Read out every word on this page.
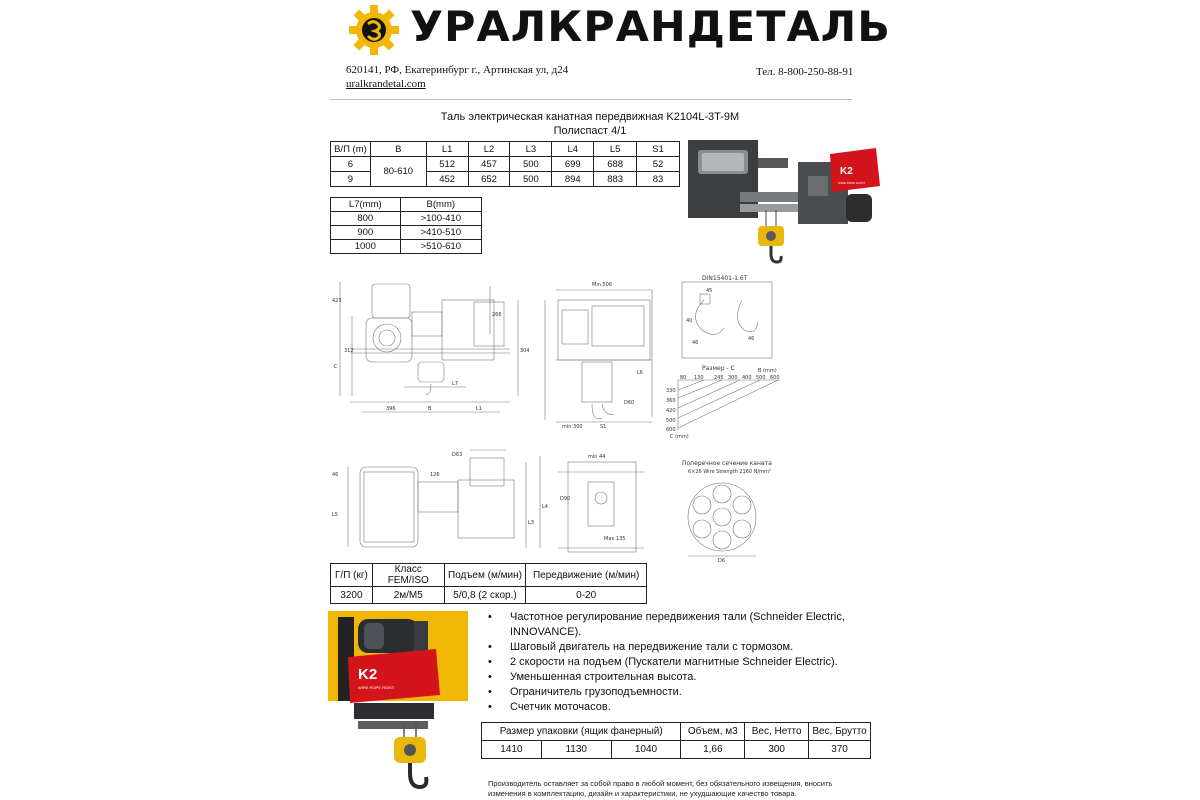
УРАЛКРАНДЕТАЛЬ
620141, РФ, Екатеринбург г., Артинская ул, д24
uralkrandetal.com
Тел. 8-800-250-88-91
Таль электрическая канатная передвижная K2104L-3T-9M
Полиспаст 4/1
В/П (m)	B	L1	L2	L3	L4	L5	S1
6	80-610	512	457	500	699	688	52
9		452	652	500	894	883	83
L7(mm)	B(mm)
800	>100-410
900	>410-510
1000	>510-610
K2
WIRE ROPE HOIST
423
312
C
266
304
L7
396	B	L1
Min.506
L6
D60
min 300	S1
DIN15401-1.6T
40
46
45
46
Размер - С	B (mm)
80 130 245 300 400 500 600
330
360
420
500
600
C (mm)
D63
46
L5
126
L3
L4
min 44
D90
Max 135
Поперечное сечение каната
6×26 Wire Strength 2160 N/mm²
D6
Г/П (кг)	Класс FEM/ISO	Подъем (м/мин)	Передвижение (м/мин)
3200	2м/М5	5/0,8 (2 скор.)	0-20
K2
WIRE ROPE HOIST
• Частотное регулирование передвижения тали (Schneider Electric, INNOVANCE).
• Шаговый двигатель на передвижение тали с тормозом.
• 2 скорости на подъем (Пускатели магнитные Schneider Electric).
• Уменьшенная строительная высота.
• Ограничитель грузоподъемности.
• Счетчик моточасов.
Размер упаковки (ящик фанерный)			Объем, м3	Вес, Нетто	Вес, Брутто
1410	1130	1040	1,66	300	370
Производитель оставляет за собой право в любой момент, без обязательного извещения, вносить изменения в комплектацию, дизайн и характеристики, не ухудшающие качество товара.
